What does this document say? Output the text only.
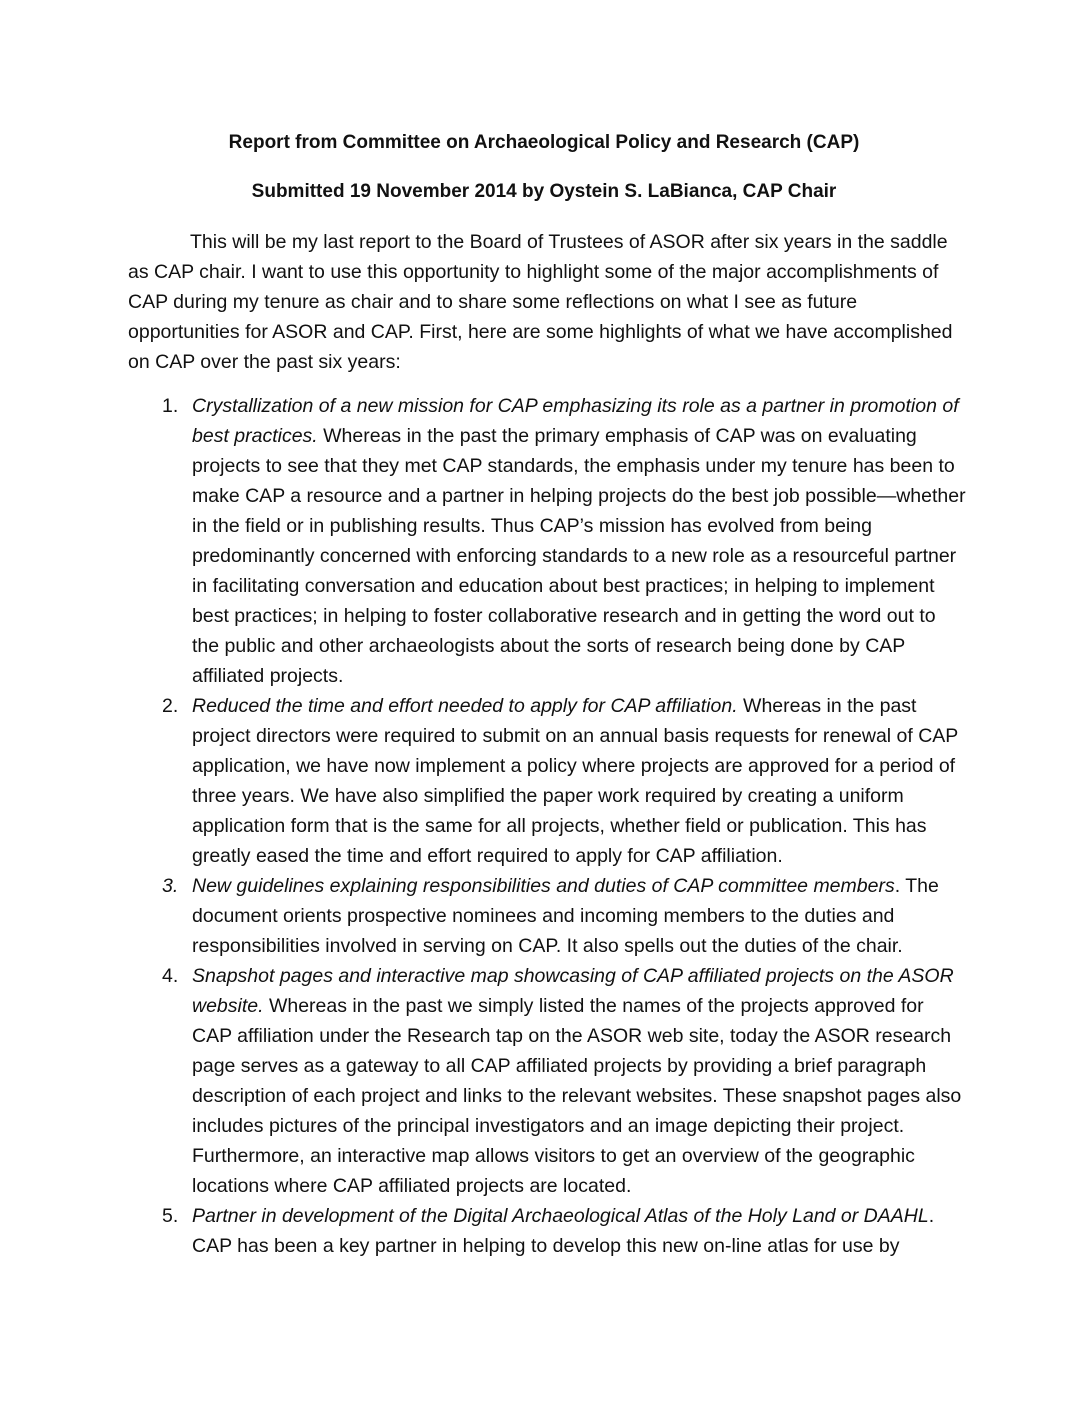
Report from Committee on Archaeological Policy and Research (CAP)
Submitted 19 November 2014 by Oystein S. LaBianca, CAP Chair

This will be my last report to the Board of Trustees of ASOR after six years in the saddle as CAP chair. I want to use this opportunity to highlight some of the major accomplishments of CAP during my tenure as chair and to share some reflections on what I see as future opportunities for ASOR and CAP. First, here are some highlights of what we have accomplished on CAP over the past six years:

1. Crystallization of a new mission for CAP emphasizing its role as a partner in promotion of best practices. Whereas in the past the primary emphasis of CAP was on evaluating projects to see that they met CAP standards, the emphasis under my tenure has been to make CAP a resource and a partner in helping projects do the best job possible—whether in the field or in publishing results. Thus CAP’s mission has evolved from being predominantly concerned with enforcing standards to a new role as a resourceful partner in facilitating conversation and education about best practices; in helping to implement best practices; in helping to foster collaborative research and in getting the word out to the public and other archaeologists about the sorts of research being done by CAP affiliated projects.
2. Reduced the time and effort needed to apply for CAP affiliation. Whereas in the past project directors were required to submit on an annual basis requests for renewal of CAP application, we have now implement a policy where projects are approved for a period of three years. We have also simplified the paper work required by creating a uniform application form that is the same for all projects, whether field or publication. This has greatly eased the time and effort required to apply for CAP affiliation.
3. New guidelines explaining responsibilities and duties of CAP committee members. The document orients prospective nominees and incoming members to the duties and responsibilities involved in serving on CAP. It also spells out the duties of the chair.
4. Snapshot pages and interactive map showcasing of CAP affiliated projects on the ASOR website. Whereas in the past we simply listed the names of the projects approved for CAP affiliation under the Research tap on the ASOR web site, today the ASOR research page serves as a gateway to all CAP affiliated projects by providing a brief paragraph description of each project and links to the relevant websites. These snapshot pages also includes pictures of the principal investigators and an image depicting their project. Furthermore, an interactive map allows visitors to get an overview of the geographic locations where CAP affiliated projects are located.
5. Partner in development of the Digital Archaeological Atlas of the Holy Land or DAAHL. CAP has been a key partner in helping to develop this new on-line atlas for use by
